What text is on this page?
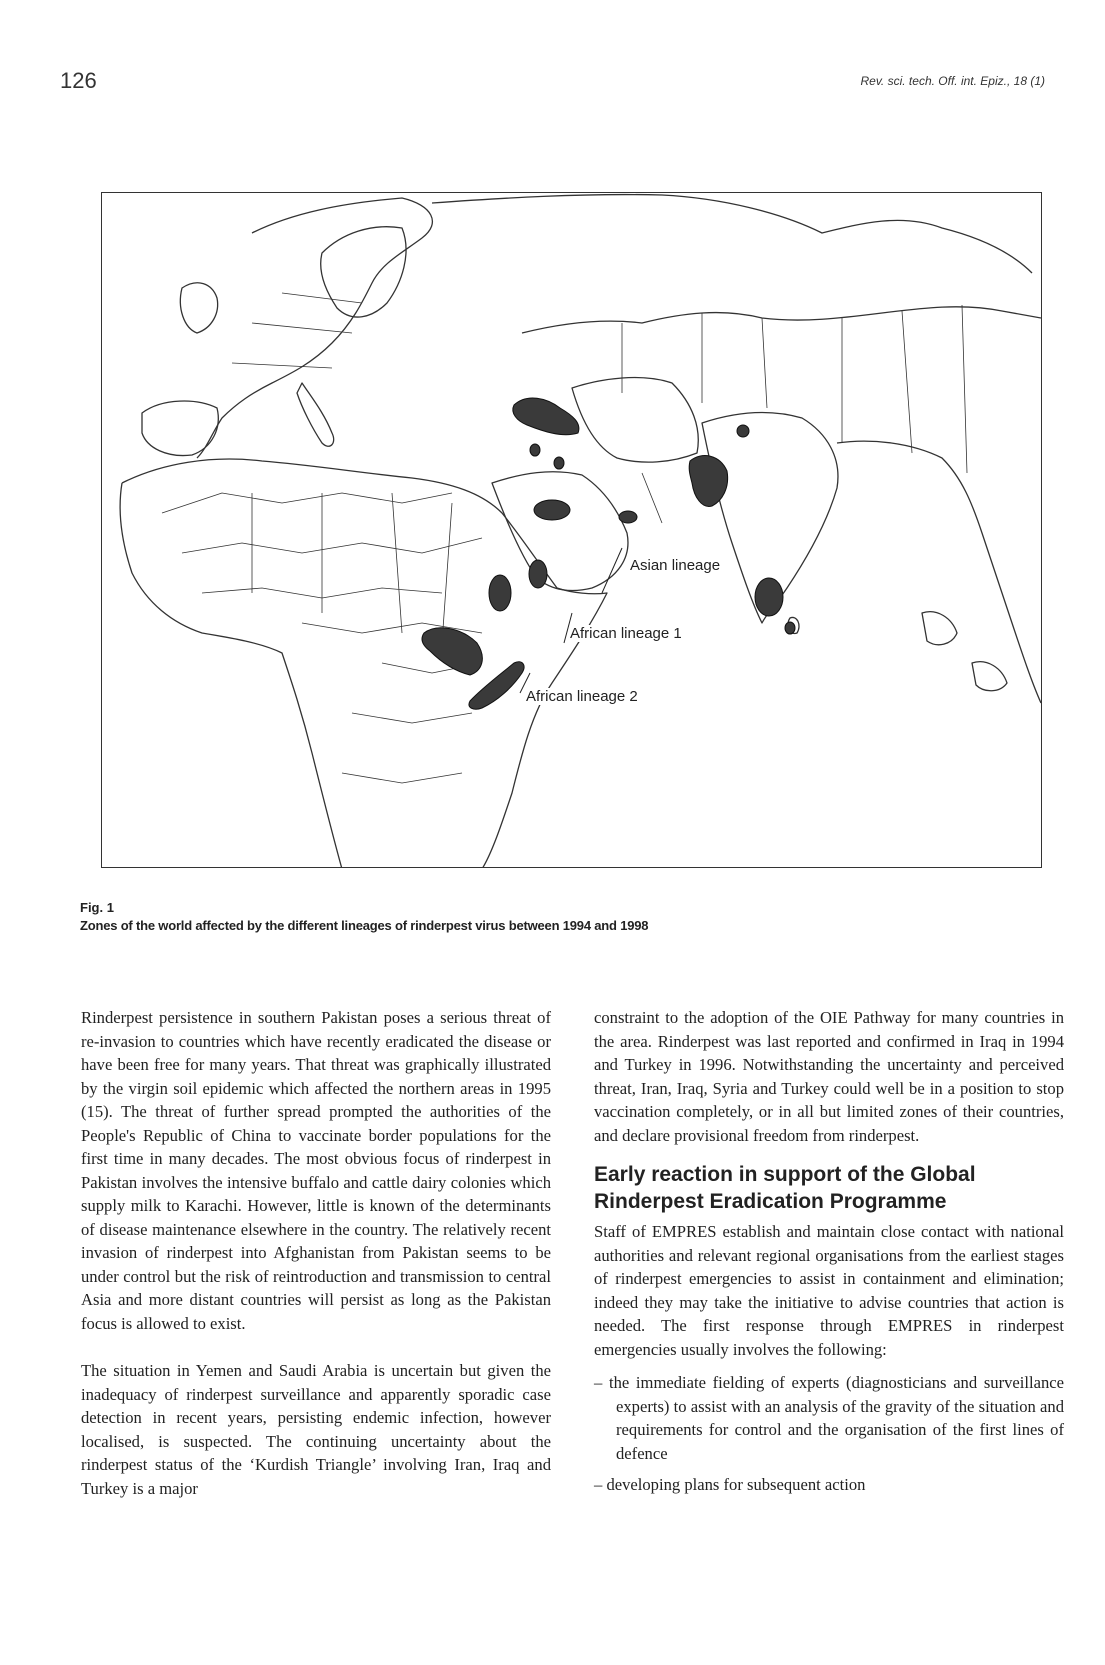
126	Rev. sci. tech. Off. int. Epiz., 18 (1)
Asian lineage
African lineage 1
African lineage 2
Fig. 1
Zones of the world affected by the different lineages of rinderpest virus between 1994 and 1998

Rinderpest persistence in southern Pakistan poses a serious threat of re-invasion to countries which have recently eradicated the disease or have been free for many years. That threat was graphically illustrated by the virgin soil epidemic which affected the northern areas in 1995 (15). The threat of further spread prompted the authorities of the People's Republic of China to vaccinate border populations for the first time in many decades. The most obvious focus of rinderpest in Pakistan involves the intensive buffalo and cattle dairy colonies which supply milk to Karachi. However, little is known of the determinants of disease maintenance elsewhere in the country. The relatively recent invasion of rinderpest into Afghanistan from Pakistan seems to be under control but the risk of reintroduction and transmission to central Asia and more distant countries will persist as long as the Pakistan focus is allowed to exist.

The situation in Yemen and Saudi Arabia is uncertain but given the inadequacy of rinderpest surveillance and apparently sporadic case detection in recent years, persisting endemic infection, however localised, is suspected. The continuing uncertainty about the rinderpest status of the ‘Kurdish Triangle’ involving Iran, Iraq and Turkey is a major

constraint to the adoption of the OIE Pathway for many countries in the area. Rinderpest was last reported and confirmed in Iraq in 1994 and Turkey in 1996. Notwithstanding the uncertainty and perceived threat, Iran, Iraq, Syria and Turkey could well be in a position to stop vaccination completely, or in all but limited zones of their countries, and declare provisional freedom from rinderpest.

Early reaction in support of the Global Rinderpest Eradication Programme

Staff of EMPRES establish and maintain close contact with national authorities and relevant regional organisations from the earliest stages of rinderpest emergencies to assist in containment and elimination; indeed they may take the initiative to advise countries that action is needed. The first response through EMPRES in rinderpest emergencies usually involves the following:

– the immediate fielding of experts (diagnosticians and surveillance experts) to assist with an analysis of the gravity of the situation and requirements for control and the organisation of the first lines of defence
– developing plans for subsequent action
